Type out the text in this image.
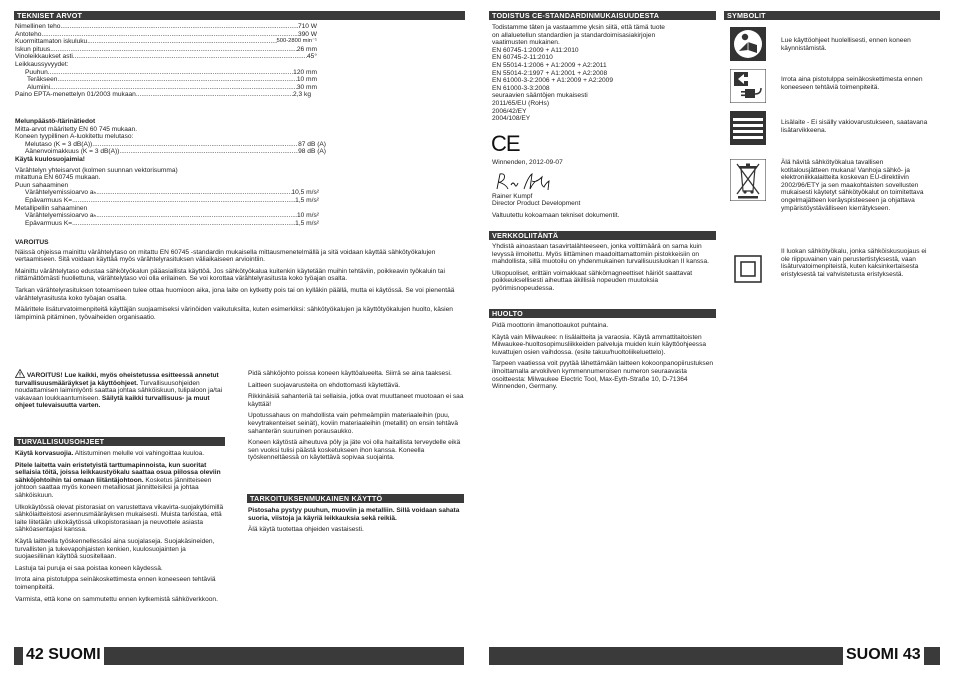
TEKNISET ARVOT
Nimellinen teho .....	710 W
Antoteho .....	390 W
Kuormittamaton iskuluku .....	500-2800 min⁻¹
Iskun pituus .....	26 mm
Vinoleikkaukset asti .....	45°
Leikkaussyvyydet:
Puuhun .....	120 mm
Teräkseen .....	10 mm
Alumiini .....	30 mm
Paino EPTA-menettelyn 01/2003 mukaan .....	2,3 kg
Melunpäästö-/tärinätiedot
Mitta-arvot määritetty EN 60 745 mukaan.
Koneen tyypillinen A-luokitettu melutaso:
Melutaso (K = 3 dB(A)) .....	87 dB (A)
Äänenvoimakkuus (K = 3 dB(A)) .....	98 dB (A)
Käytä kuulosuojaimia!
Värähtelyn yhteisarvot (kolmen suunnan vektorisumma)
mitattuna EN 60745 mukaan.
Puun sahaaminen
Värähtelyemissioarvo aₕ .....	10,5 m/s²
Epävarmuus K= .....	1,5 m/s²
Metallipellin sahaaminen
Värähtelyemissioarvo aₕ .....	10 m/s²
Epävarmuus K= .....	1,5 m/s²
VAROITUS

Näissä ohjeissa mainittu värähtelytaso on mitattu EN 60745 -standardin mukaisella mittausmenetelmällä ja sitä voidaan käyttää sähkötyökalujen vertaamiseen. Sitä voidaan käyttää myös värähtelyrasituksen väliaikaiseen arviointiin.

Mainittu värähtelytaso edustaa sähkötyökalun pääasiallista käyttöä. Jos sähkötyökalua kuitenkin käytetään muihin tehtäviin, poikkeavin työkaluin tai riittämättömästi huollettuna, värähtelytaso voi olla erilainen. Se voi korottaa värähtelyrasitusta koko työajan osalta.

Tarkan värähtelyrasituksen toteamiseen tulee ottaa huomioon aika, jona laite on kytketty pois tai on kylläkin päällä, mutta ei käytössä. Se voi pienentää värähtelyrasitusta koko työajan osalta.

Määrittele lisäturvatoimenpiteitä käyttäjän suojaamiseksi värinöiden vaikutuksilta, kuten esimerkiksi: sähkötyökalujen ja käyttötyökalujen huolto, käsien lämpiminä pitäminen, työvaiheiden organisaatio.

VAROITUS! Lue kaikki, myös oheistetussa esitteessä annetut turvallisuusmääräykset ja käyttöohjeet. Turvallisuusohjeiden noudattamisen laiminlyönti saattaa johtaa sähköiskuun, tulipaloon ja/tai vakavaan loukkaantumiseen. Säilytä kaikki turvallisuus- ja muut ohjeet tulevaisuutta varten.
TURVALLISUUSOHJEET

Käytä korvasuojia. Altistuminen melulle voi vahingoittaa kuuloa.

Pitele laitetta vain eristetyistä tarttumapinnoista, kun suoritat sellaisia töitä, joissa leikkaustyökalu saattaa osua piilossa oleviin sähköjohtoihin tai omaan liitäntäjohtoon. Kosketus jännitteiseen johtoon saattaa myös koneen metalliosat jännitteisiksi ja johtaa sähköiskuun.

Ulkokäytössä olevat pistorasiat on varustettava vikavirta-suojakytkimillä sähkölaitteistosi asennusmääräyksen mukaisesti. Muista tarkistaa, että laite liitetään ulkokäytössä ulkopistorasiaan ja neuvottele asiasta sähköasentajasi kanssa.

Käytä laitteella työskennellessäsi aina suojalaseja. Suojakäsineiden, turvallisten ja tukevapohjaisten kenkien, kuulosuojainten ja suojaesiliinan käyttöä suositellaan.

Lastuja tai puruja ei saa poistaa koneen käydessä.

Irrota aina pistotulppa seinäkoskettimesta ennen koneeseen tehtäviä toimenpiteitä.

Varmista, että kone on sammutettu ennen kytkemistä sähköverkkoon.

Pidä sähköjohto poissa koneen käyttöalueelta. Siirrä se aina taaksesi.

Laitteen suojavarusteita on ehdottomasti käytettävä.

Rikkinäisiä sahanteriä tai sellaisia, jotka ovat muuttaneet muotoaan ei saa käyttää!

Upotussahaus on mahdollista vain pehmeämpiin materiaaleihin (puu, kevytrakenteiset seinät), koviin materiaaleihin (metallit) on ensin tehtävä sahanterän suuruinen porausaukko.

Koneen käytöstä aiheutuva pöly ja jäte voi olla haitallista terveydelle eikä sen vuoksi tulisi päästä kosketukseen ihon kanssa. Koneella työskenneltäessä on käytettävä sopivaa suojainta.

TARKOITUKSENMUKAINEN KÄYTTÖ

Pistosaha pystyy puuhun, muoviin ja metalliin. Sillä voidaan sahata suoria, viistoja ja käyriä leikkauksia sekä reikiä.

Älä käytä tuotettaa ohjeiden vastaisesti.

42 SUOMI
TODISTUS CE-STANDARDINMUKAISUUDESTA
Todistamme täten ja vastaamme yksin siitä, että tämä tuote
on allaluetellun standardien ja standardoimisasiakirjojen
vaatimusten mukainen.
EN 60745-1:2009 + A11:2010
EN 60745-2-11:2010
EN 55014-1:2006 + A1:2009 + A2:2011
EN 55014-2:1997 + A1:2001 + A2:2008
EN 61000-3-2:2006 + A1:2009 + A2:2009
EN 61000-3-3:2008
seuraavien sääntöjen mukaisesti
2011/65/EU (RoHs)
2006/42/EY
2004/108/EY
CE
Winnenden, 2012-09-07
Rainer Kumpf
Director Product Development
Valtuutettu kokoamaan tekniset dokumentit.
VERKKOLIITÄNTÄ

Yhdistä ainoastaan tasavirtalähteeseen, jonka volttimäärä on sama kuin levyssä ilmoitettu. Myös liittäminen maadoittamattomiin pistokkeisiin on mahdollista, sillä muotoilu on yhdenmukainen turvallisuusluokan II kanssa.

Ulkopuoliset, erittäin voimakkaat sähkömagneettiset häiriöt saattavat poikkeuksellisesti aiheuttaa äkillisiä nopeuden muutoksia pyörimisnopeudessa.

HUOLTO

Pidä moottorin ilmanottoaukot puhtaina.

Käytä vain Milwaukee: n lisälaitteita ja varaosia. Käytä ammattitaitoisten Milwaukee-huoltosopimusliikkeiden palveluja muiden kuin käyttöohjeessa kuvattujen osien vaihdossa. (esite takuu/huoltoliikeluettelo).

Tarpeen vaatiessa voit pyytää lähettämään laitteen kokoonpanopiirustuksen ilmoittamalla arvokilven kymmennumeroisen numeron seuraavasta osoitteesta: Milwaukee Electric Tool, Max-Eyth-Straße 10, D-71364 Winnenden, Germany.

SYMBOLIT
Lue käyttöohjeet huolellisesti, ennen koneen käynnistämistä.
Irrota aina pistotulppa seinäkoskettimesta ennen koneeseen tehtäviä toimenpiteitä.
Lisälaite - Ei sisälly vakiovarustukseen, saatavana lisätarvikkeena.
Älä hävitä sähkötyökalua tavallisen kotitalousjätteen mukana! Vanhoja sähkö- ja elektroniikkalaitteita koskevan EU-direktiivin 2002/96/ETY ja sen maakohtaisten sovellusten mukaisesti käytetyt sähkötyökalut on toimitettava ongelmajätteen keräyspisteeseen ja ohjattava ympäristöystävälliseen kierrätykseen.
II luokan sähkötyökalu, jonka sähköiskusuojaus ei ole riippuvainen vain perustertistyksestä, vaan lisäturvatoimenpiteistä, kuten kaksinkertaisesta eristyksestä tai vahvistetusta eristyksestä.
SUOMI 43
